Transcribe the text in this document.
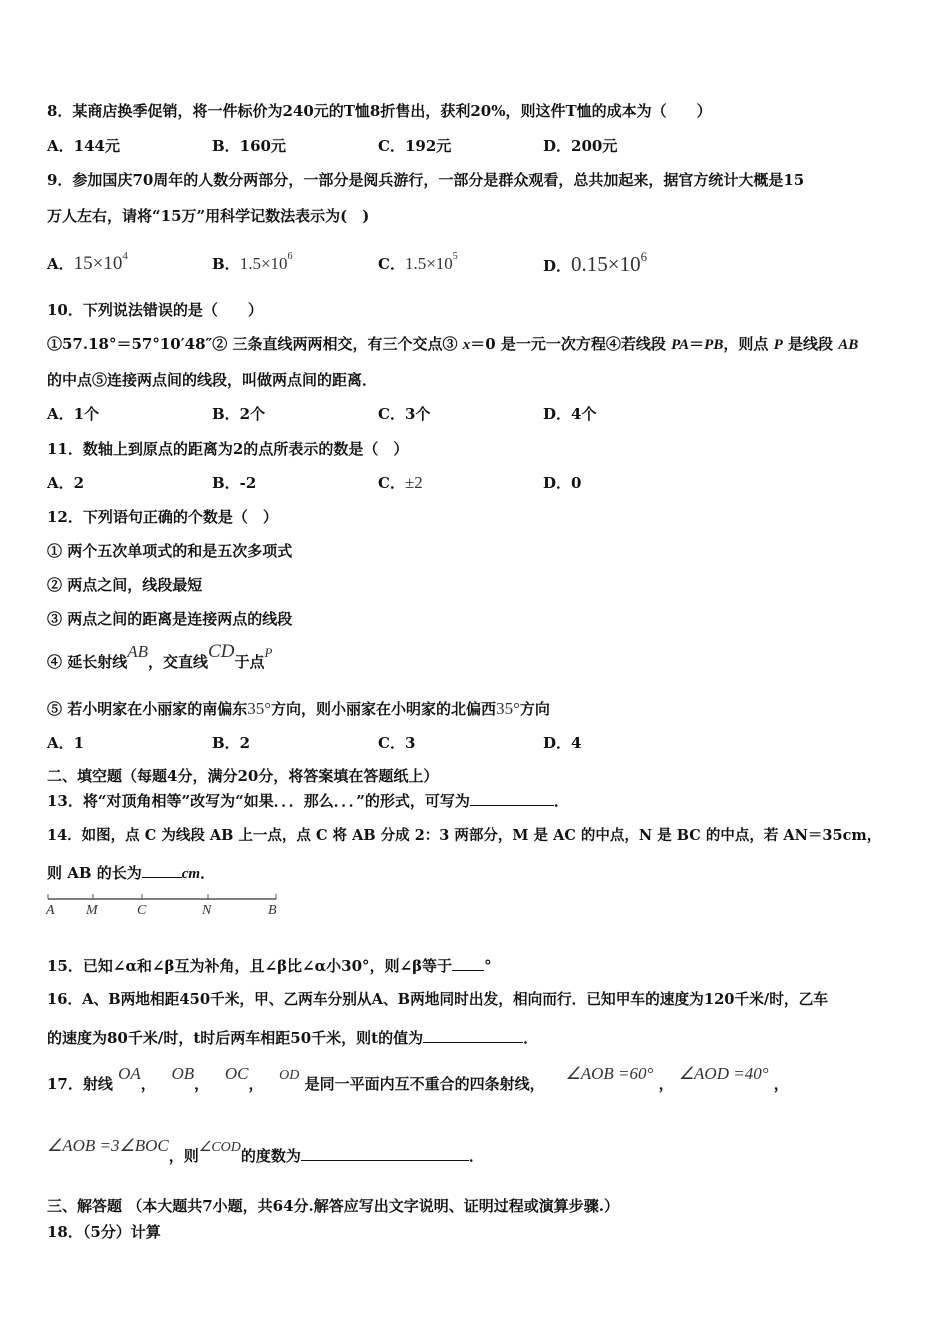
8．某商店换季促销，将一件标价为240元的T恤8折售出，获利20%，则这件T恤的成本为（　　）
A．144元	B．160元	C．192元	D．200元
9．参加国庆70周年的人数分两部分，一部分是阅兵游行，一部分是群众观看，总共加起来，据官方统计大概是15
万人左右，请将“15万”用科学记数法表示为(　)
A．$15\times 10^4$	B．$1.5\times 10^6$	C．$1.5\times 10^5$
D．0.15×106
10．下列说法错误的是（　　）
①57.18°＝57°10′48″② 三条直线两两相交，有三个交点③ x＝0 是一元一次方程④若线段 PA＝PB，则点 P 是线段 AB
的中点⑤连接两点间的线段，叫做两点间的距离．
A．1个	B．2个	C．3个	D．4个
11．数轴上到原点的距离为2的点所表示的数是（　）
A．2	B．-2	C．±2	D．0
12．下列语句正确的个数是（　）
① 两个五次单项式的和是五次多项式
② 两点之间，线段最短
③ 两点之间的距离是连接两点的线段
④ 延长射线AB，交直线CD于点P
⑤ 若小明家在小丽家的南偏东35°方向，则小丽家在小明家的北偏西35°方向
A．1	B．2	C．3	D．4
二、填空题（每题4分，满分20分，将答案填在答题纸上）
13．将“对顶角相等”改写为“如果．．．那么．．．”的形式，可写为	．
14．如图，点 C 为线段 AB 上一点，点 C 将 AB 分成 2：3 两部分，M 是 AC 的中点，N 是 BC 的中点，若 AN＝35cm，
则 AB 的长为	cm．
A M	C	N	B
15．已知∠α和∠β互为补角，且∠β比∠α小30°，则∠β等于 °
16．A、B两地相距450千米，甲、乙两车分别从A、B两地同时出发，相向而行．已知甲车的速度为120千米/时，乙车
的速度为80千米/时，t时后两车相距50千米，则t的值为	．
17．射线 OA，   OB，   OC， OD 是同一平面内互不重合的四条射线，    ∠AOB =60° ， ∠AOD =40° ，
∠AOB =3∠BOC，则∠COD的度数为	．
三、解答题 （本大题共7小题，共64分.解答应写出文字说明、证明过程或演算步骤.）
18．（5分）计算
